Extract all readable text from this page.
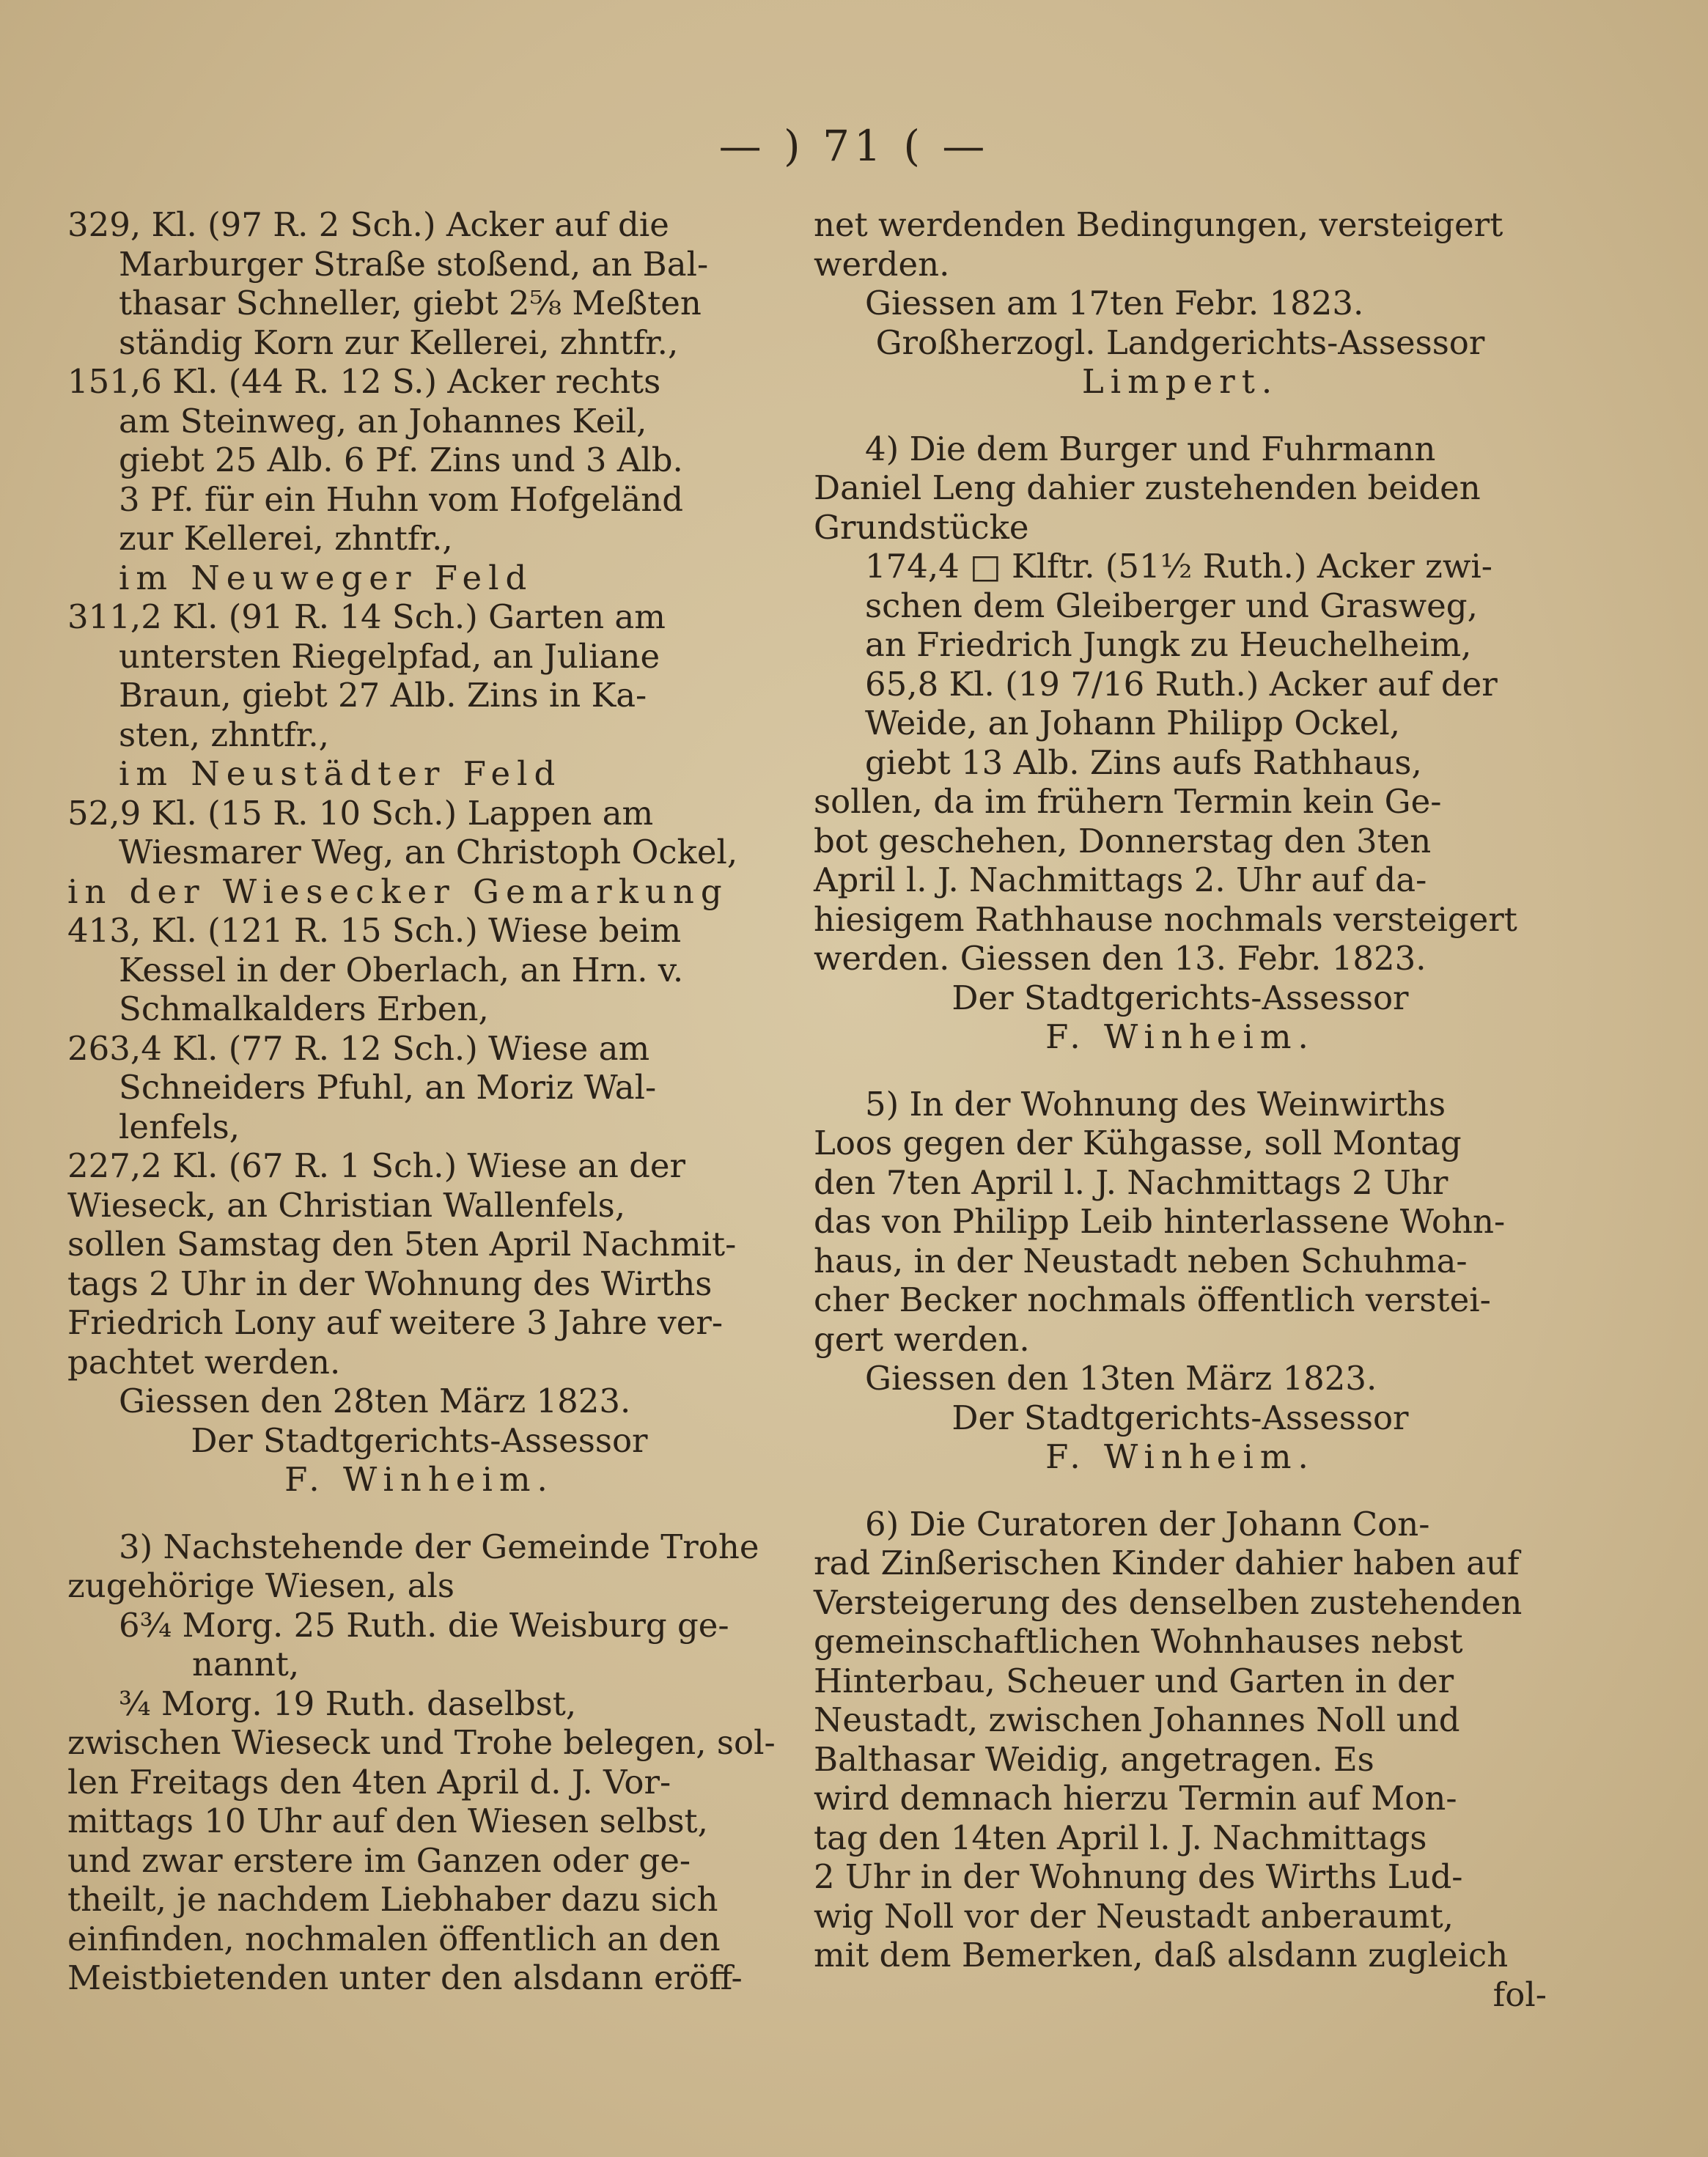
— ) 71 ( —
329, Kl. (97 R. 2 Sch.) Acker auf die
Marburger Straße stoßend, an Bal-
thasar Schneller, giebt 2⅝ Meßten
ständig Korn zur Kellerei, zhntfr.,
151,6 Kl. (44 R. 12 S.) Acker rechts
am Steinweg, an Johannes Keil,
giebt 25 Alb. 6 Pf. Zins und 3 Alb.
3 Pf. für ein Huhn vom Hofgeländ
zur Kellerei, zhntfr.,
im Neuweger Feld
311,2 Kl. (91 R. 14 Sch.) Garten am
untersten Riegelpfad, an Juliane
Braun, giebt 27 Alb. Zins in Ka-
sten, zhntfr.,
im Neustädter Feld
52,9 Kl. (15 R. 10 Sch.) Lappen am
Wiesmarer Weg, an Christoph Ockel,
in der Wiesecker Gemarkung
413, Kl. (121 R. 15 Sch.) Wiese beim
Kessel in der Oberlach, an Hrn. v.
Schmalkalders Erben,
263,4 Kl. (77 R. 12 Sch.) Wiese am
Schneiders Pfuhl, an Moriz Wal-
lenfels,
227,2 Kl. (67 R. 1 Sch.) Wiese an der
Wieseck, an Christian Wallenfels,
sollen Samstag den 5ten April Nachmit-
tags 2 Uhr in der Wohnung des Wirths
Friedrich Lony auf weitere 3 Jahre ver-
pachtet werden.
Giessen den 28ten März 1823.
Der Stadtgerichts-Assessor
F. Winheim.
3) Nachstehende der Gemeinde Trohe
zugehörige Wiesen, als
6¾ Morg. 25 Ruth. die Weisburg ge-
nannt,
¾ Morg. 19 Ruth. daselbst,
zwischen Wieseck und Trohe belegen, sol-
len Freitags den 4ten April d. J. Vor-
mittags 10 Uhr auf den Wiesen selbst,
und zwar erstere im Ganzen oder ge-
theilt, je nachdem Liebhaber dazu sich
einfinden, nochmalen öffentlich an den
Meistbietenden unter den alsdann eröff-
net werdenden Bedingungen, versteigert
werden.
Giessen am 17ten Febr. 1823.
Großherzogl. Landgerichts-Assessor
Limpert.
4) Die dem Burger und Fuhrmann
Daniel Leng dahier zustehenden beiden
Grundstücke
174,4 □ Klftr. (51½ Ruth.) Acker zwi-
schen dem Gleiberger und Grasweg,
an Friedrich Jungk zu Heuchelheim,
65,8 Kl. (19 7/16 Ruth.) Acker auf der
Weide, an Johann Philipp Ockel,
giebt 13 Alb. Zins aufs Rathhaus,
sollen, da im frühern Termin kein Ge-
bot geschehen, Donnerstag den 3ten
April l. J. Nachmittags 2. Uhr auf da-
hiesigem Rathhause nochmals versteigert
werden. Giessen den 13. Febr. 1823.
Der Stadtgerichts-Assessor
F. Winheim.
5) In der Wohnung des Weinwirths
Loos gegen der Kühgasse, soll Montag
den 7ten April l. J. Nachmittags 2 Uhr
das von Philipp Leib hinterlassene Wohn-
haus, in der Neustadt neben Schuhma-
cher Becker nochmals öffentlich verstei-
gert werden.
Giessen den 13ten März 1823.
Der Stadtgerichts-Assessor
F. Winheim.
6) Die Curatoren der Johann Con-
rad Zinßerischen Kinder dahier haben auf
Versteigerung des denselben zustehenden
gemeinschaftlichen Wohnhauses nebst
Hinterbau, Scheuer und Garten in der
Neustadt, zwischen Johannes Noll und
Balthasar Weidig, angetragen. Es
wird demnach hierzu Termin auf Mon-
tag den 14ten April l. J. Nachmittags
2 Uhr in der Wohnung des Wirths Lud-
wig Noll vor der Neustadt anberaumt,
mit dem Bemerken, daß alsdann zugleich
fol-
